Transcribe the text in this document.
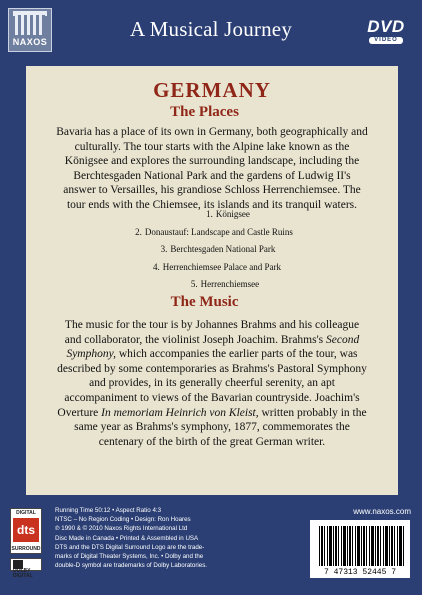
NAXOS
A Musical Journey	DVD
VIDEO
GERMANY
The Places
Bavaria has a place of its own in Germany, both geographically and
culturally. The tour starts with the Alpine lake known as the
Königsee and explores the surrounding landscape, including the
Berchtesgaden National Park and the gardens of Ludwig II's
answer to Versailles, his grandiose Schloss Herrenchiemsee. The
tour ends with the Chiemsee, its islands and its tranquil waters.
1. Königsee
2. Donaustauf: Landscape and Castle Ruins
3. Berchtesgaden National Park
4. Herrenchiemsee Palace and Park
5. Herrenchiemsee
The Music
The music for the tour is by Johannes Brahms and his colleague
and collaborator, the violinist Joseph Joachim. Brahms's Second
Symphony, which accompanies the earlier parts of the tour, was
described by some contemporaries as Brahms's Pastoral Symphony
and provides, in its generally cheerful serenity, an apt
accompaniment to views of the Bavarian countryside. Joachim's
Overture In memoriam Heinrich von Kleist, written probably in the
same year as Brahms's symphony, 1877, commemorates the
centenary of the birth of the great German writer.
DIGITAL
dts
SURROUND
DOLBY DIGITAL
Running Time 50:12 • Aspect Ratio 4:3
NTSC – No Region Coding • Design: Ron Hoares
℗ 1990 & © 2010 Naxos Rights International Ltd
Disc Made in Canada • Printed & Assembled in USA
DTS and the DTS Digital Surround Logo are the trade-
marks of Digital Theater Systems, Inc. • Dolby and the
double-D symbol are trademarks of Dolby Laboratories.
www.naxos.com
7 47313 52445 7
